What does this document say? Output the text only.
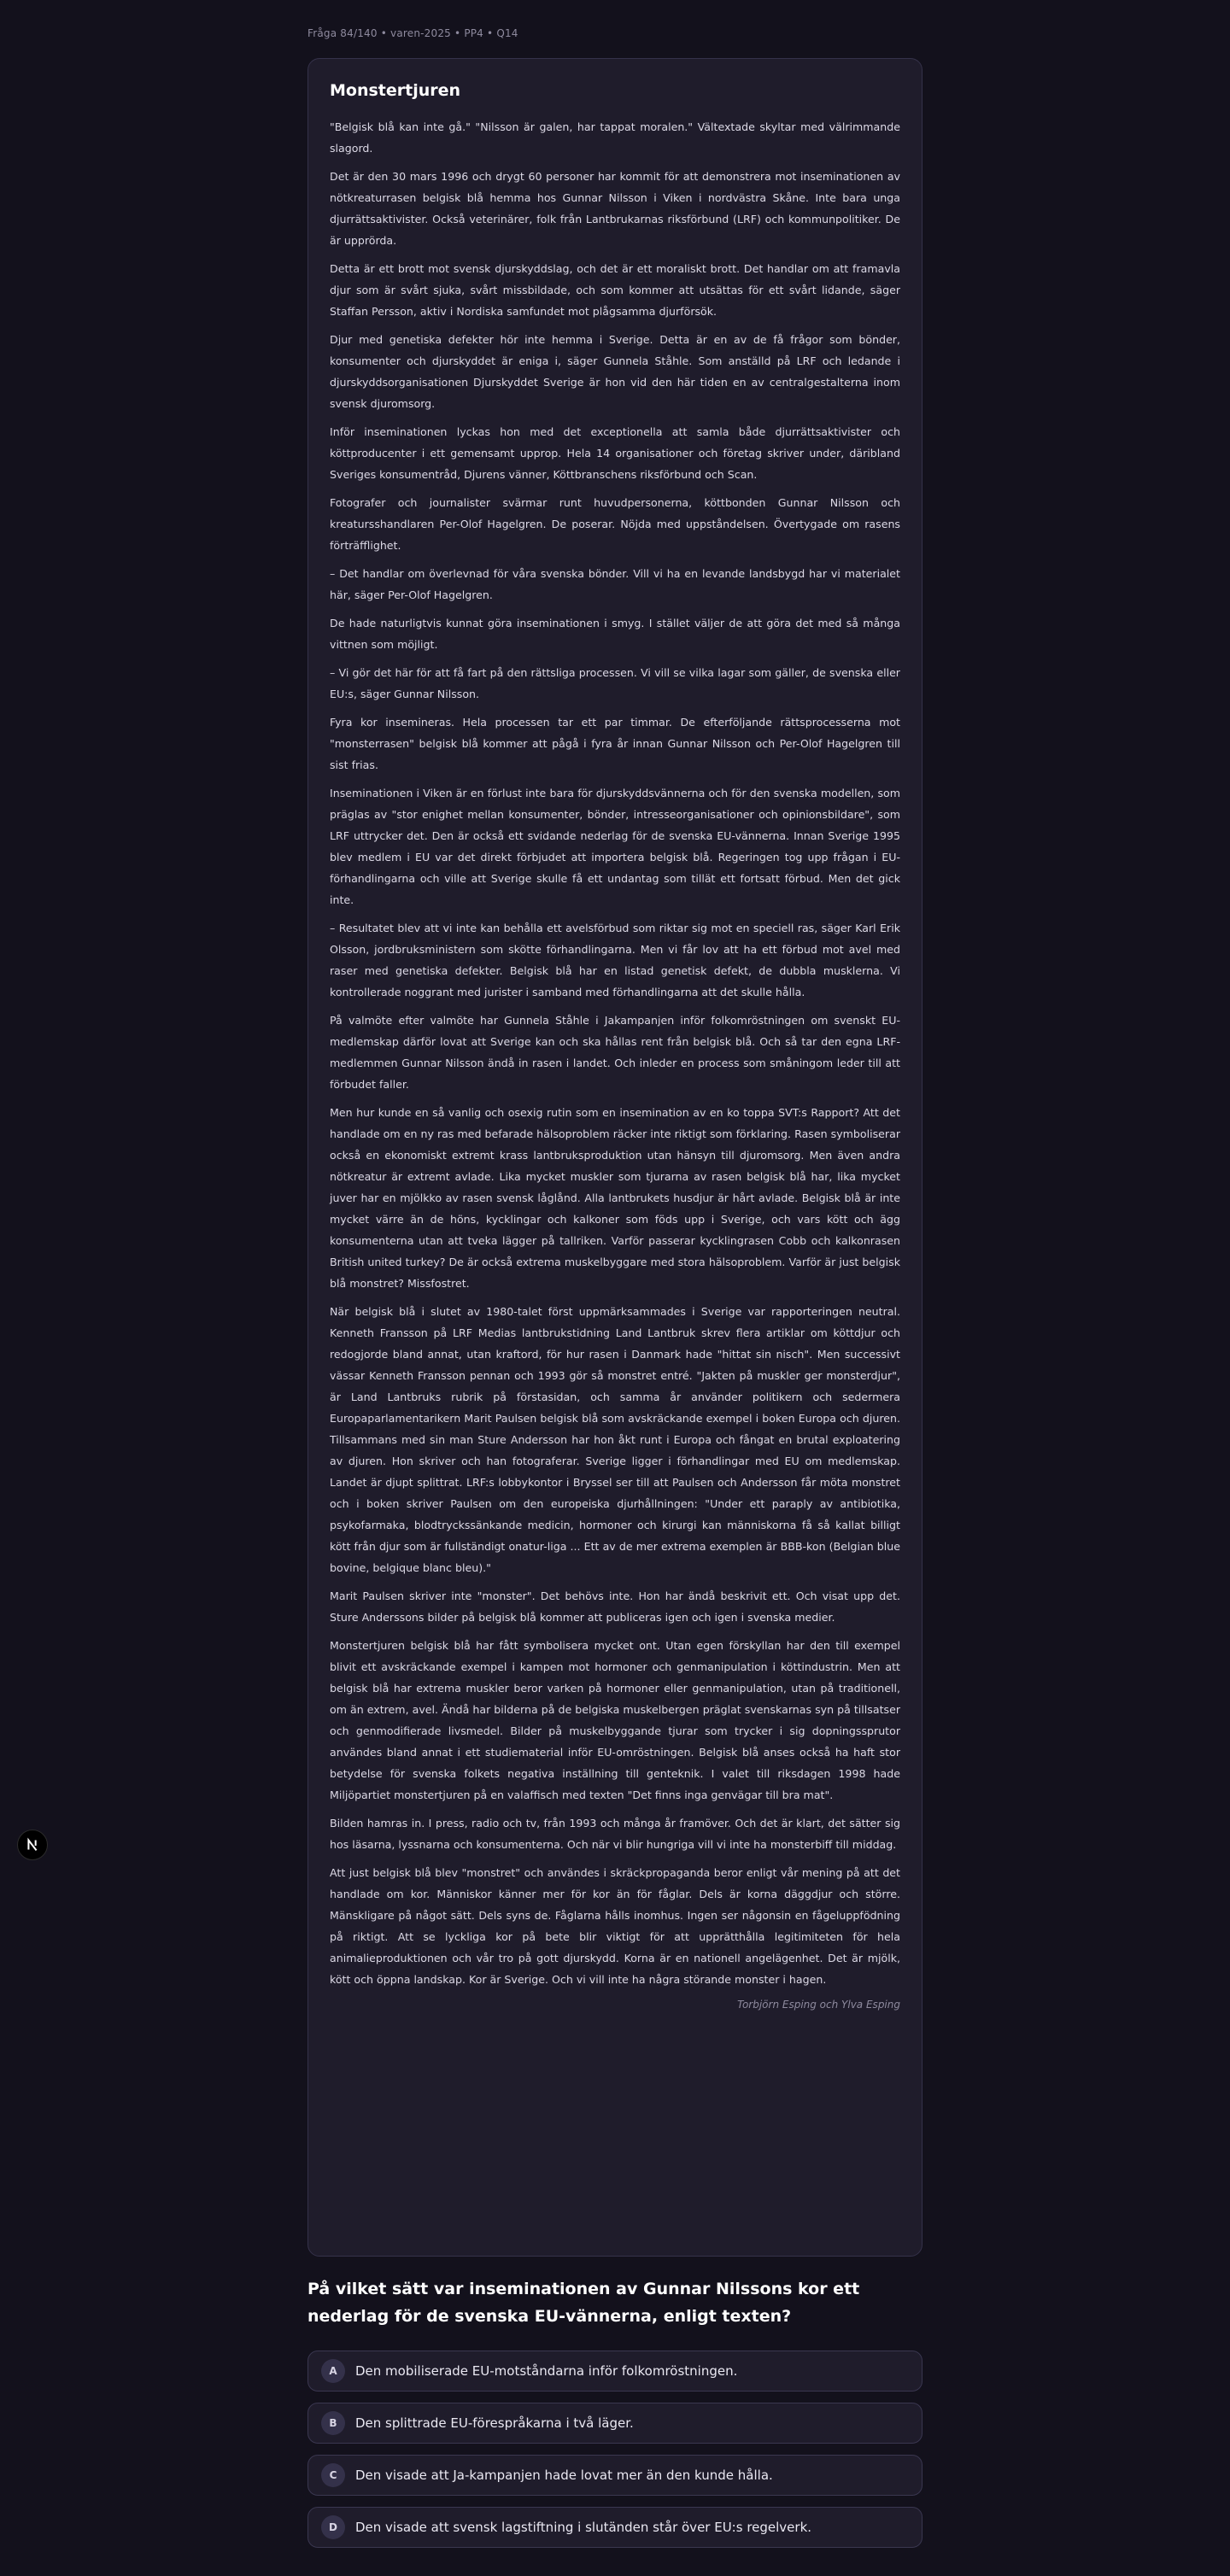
Fråga 84/140 • varen-2025 • PP4 • Q14
Monstertjuren

"Belgisk blå kan inte gå." "Nilsson är galen, har tappat moralen." Vältextade skyltar med välrimmande slagord.

Det är den 30 mars 1996 och drygt 60 personer har kommit för att demonstrera mot inseminationen av nötkreaturrasen belgisk blå hemma hos Gunnar Nilsson i Viken i nordvästra Skåne. Inte bara unga djurrättsaktivister. Också veterinärer, folk från Lantbrukarnas riksförbund (LRF) och kommunpolitiker. De är upprörda.

Detta är ett brott mot svensk djurskyddslag, och det är ett moraliskt brott. Det handlar om att framavla djur som är svårt sjuka, svårt missbildade, och som kommer att utsättas för ett svårt lidande, säger Staffan Persson, aktiv i Nordiska samfundet mot plågsamma djurförsök.

Djur med genetiska defekter hör inte hemma i Sverige. Detta är en av de få frågor som bönder, konsumenter och djurskyddet är eniga i, säger Gunnela Ståhle. Som anställd på LRF och ledande i djurskyddsorganisationen Djurskyddet Sverige är hon vid den här tiden en av centralgestalterna inom svensk djuromsorg.

Inför inseminationen lyckas hon med det exceptionella att samla både djurrättsaktivister och köttproducenter i ett gemensamt upprop. Hela 14 organisationer och företag skriver under, däribland Sveriges konsumentråd, Djurens vänner, Köttbranschens riksförbund och Scan.

Fotografer och journalister svärmar runt huvudpersonerna, köttbonden Gunnar Nilsson och kreatursshandlaren Per-Olof Hagelgren. De poserar. Nöjda med uppståndelsen. Övertygade om rasens förträfflighet.

– Det handlar om överlevnad för våra svenska bönder. Vill vi ha en levande landsbygd har vi materialet här, säger Per-Olof Hagelgren.

De hade naturligtvis kunnat göra inseminationen i smyg. I stället väljer de att göra det med så många vittnen som möjligt.

– Vi gör det här för att få fart på den rättsliga processen. Vi vill se vilka lagar som gäller, de svenska eller EU:s, säger Gunnar Nilsson.

Fyra kor insemineras. Hela processen tar ett par timmar. De efterföljande rättsprocesserna mot "monsterrasen" belgisk blå kommer att pågå i fyra år innan Gunnar Nilsson och Per-Olof Hagelgren till sist frias.

Inseminationen i Viken är en förlust inte bara för djurskyddsvännerna och för den svenska modellen, som präglas av "stor enighet mellan konsumenter, bönder, intresseorganisationer och opinionsbildare", som LRF uttrycker det. Den är också ett svidande nederlag för de svenska EU-vännerna. Innan Sverige 1995 blev medlem i EU var det direkt förbjudet att importera belgisk blå. Regeringen tog upp frågan i EU-förhandlingarna och ville att Sverige skulle få ett undantag som tillät ett fortsatt förbud. Men det gick inte.

– Resultatet blev att vi inte kan behålla ett avelsförbud som riktar sig mot en speciell ras, säger Karl Erik Olsson, jordbruksministern som skötte förhandlingarna. Men vi får lov att ha ett förbud mot avel med raser med genetiska defekter. Belgisk blå har en listad genetisk defekt, de dubbla musklerna. Vi kontrollerade noggrant med jurister i samband med förhandlingarna att det skulle hålla.

På valmöte efter valmöte har Gunnela Ståhle i Jakampanjen inför folkomröstningen om svenskt EU-medlemskap därför lovat att Sverige kan och ska hållas rent från belgisk blå. Och så tar den egna LRF-medlemmen Gunnar Nilsson ändå in rasen i landet. Och inleder en process som småningom leder till att förbudet faller.

Men hur kunde en så vanlig och osexig rutin som en insemination av en ko toppa SVT:s Rapport? Att det handlade om en ny ras med befarade hälsoproblem räcker inte riktigt som förklaring. Rasen symboliserar också en ekonomiskt extremt krass lantbruksproduktion utan hänsyn till djuromsorg. Men även andra nötkreatur är extremt avlade. Lika mycket muskler som tjurarna av rasen belgisk blå har, lika mycket juver har en mjölkko av rasen svensk låglånd. Alla lantbrukets husdjur är hårt avlade. Belgisk blå är inte mycket värre än de höns, kycklingar och kalkoner som föds upp i Sverige, och vars kött och ägg konsumenterna utan att tveka lägger på tallriken. Varför passerar kycklingrasen Cobb och kalkonrasen British united turkey? De är också extrema muskelbyggare med stora hälsoproblem. Varför är just belgisk blå monstret? Missfostret.

När belgisk blå i slutet av 1980-talet först uppmärksammades i Sverige var rapporteringen neutral. Kenneth Fransson på LRF Medias lantbrukstidning Land Lantbruk skrev flera artiklar om köttdjur och redogjorde bland annat, utan kraftord, för hur rasen i Danmark hade "hittat sin nisch". Men successivt vässar Kenneth Fransson pennan och 1993 gör så monstret entré. "Jakten på muskler ger monsterdjur", är Land Lantbruks rubrik på förstasidan, och samma år använder politikern och sedermera Europaparlamentarikern Marit Paulsen belgisk blå som avskräckande exempel i boken Europa och djuren. Tillsammans med sin man Sture Andersson har hon åkt runt i Europa och fångat en brutal exploatering av djuren. Hon skriver och han fotograferar. Sverige ligger i förhandlingar med EU om medlemskap. Landet är djupt splittrat. LRF:s lobbykontor i Bryssel ser till att Paulsen och Andersson får möta monstret och i boken skriver Paulsen om den europeiska djurhållningen: "Under ett paraply av antibiotika, psykofarmaka, blodtryckssänkande medicin, hormoner och kirurgi kan människorna få så kallat billigt kött från djur som är fullständigt onatur-liga ... Ett av de mer extrema exemplen är BBB-kon (Belgian blue bovine, belgique blanc bleu)."

Marit Paulsen skriver inte "monster". Det behövs inte. Hon har ändå beskrivit ett. Och visat upp det. Sture Anderssons bilder på belgisk blå kommer att publiceras igen och igen i svenska medier.

Monstertjuren belgisk blå har fått symbolisera mycket ont. Utan egen förskyllan har den till exempel blivit ett avskräckande exempel i kampen mot hormoner och genmanipulation i köttindustrin. Men att belgisk blå har extrema muskler beror varken på hormoner eller genmanipulation, utan på traditionell, om än extrem, avel. Ändå har bilderna på de belgiska muskelbergen präglat svenskarnas syn på tillsatser och genmodifierade livsmedel. Bilder på muskelbyggande tjurar som trycker i sig dopningssprutor användes bland annat i ett studiematerial inför EU-omröstningen. Belgisk blå anses också ha haft stor betydelse för svenska folkets negativa inställning till genteknik. I valet till riksdagen 1998 hade Miljöpartiet monstertjuren på en valaffisch med texten "Det finns inga genvägar till bra mat".

Bilden hamras in. I press, radio och tv, från 1993 och många år framöver. Och det är klart, det sätter sig hos läsarna, lyssnarna och konsumenterna. Och när vi blir hungriga vill vi inte ha monsterbiff till middag.

Att just belgisk blå blev "monstret" och användes i skräckpropaganda beror enligt vår mening på att det handlade om kor. Människor känner mer för kor än för fåglar. Dels är korna däggdjur och större. Mänskligare på något sätt. Dels syns de. Fåglarna hålls inomhus. Ingen ser någonsin en fågeluppfödning på riktigt. Att se lyckliga kor på bete blir viktigt för att upprätthålla legitimiteten för hela animalieproduktionen och vår tro på gott djurskydd. Korna är en nationell angelägenhet. Det är mjölk, kött och öppna landskap. Kor är Sverige. Och vi vill inte ha några störande monster i hagen.

Torbjörn Esping och Ylva Esping
På vilket sätt var inseminationen av Gunnar Nilssons kor ett nederlag för de svenska EU-vännerna, enligt texten?
A	Den mobiliserade EU-motståndarna inför folkomröstningen.
B	Den splittrade EU-förespråkarna i två läger.
C	Den visade att Ja-kampanjen hade lovat mer än den kunde hålla.
D	Den visade att svensk lagstiftning i slutänden står över EU:s regelverk.
